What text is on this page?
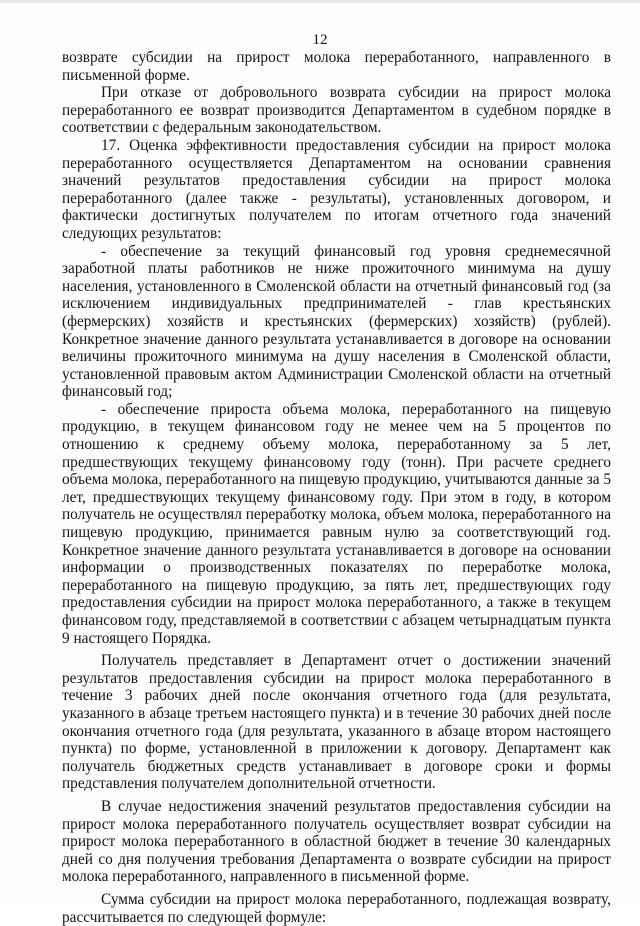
12

возврате субсидии на прирост молока переработанного, направленного в письменной форме.

При отказе от добровольного возврата субсидии на прирост молока переработанного ее возврат производится Департаментом в судебном порядке в соответствии с федеральным законодательством.

17. Оценка эффективности предоставления субсидии на прирост молока переработанного осуществляется Департаментом на основании сравнения значений результатов предоставления субсидии на прирост молока переработанного (далее также - результаты), установленных договором, и фактически достигнутых получателем по итогам отчетного года значений следующих результатов:

- обеспечение за текущий финансовый год уровня среднемесячной заработной платы работников не ниже прожиточного минимума на душу населения, установленного в Смоленской области на отчетный финансовый год (за исключением индивидуальных предпринимателей - глав крестьянских (фермерских) хозяйств и крестьянских (фермерских) хозяйств) (рублей). Конкретное значение данного результата устанавливается в договоре на основании величины прожиточного минимума на душу населения в Смоленской области, установленной правовым актом Администрации Смоленской области на отчетный финансовый год;

- обеспечение прироста объема молока, переработанного на пищевую продукцию, в текущем финансовом году не менее чем на 5 процентов по отношению к среднему объему молока, переработанному за 5 лет, предшествующих текущему финансовому году (тонн). При расчете среднего объема молока, переработанного на пищевую продукцию, учитываются данные за 5 лет, предшествующих текущему финансовому году. При этом в году, в котором получатель не осуществлял переработку молока, объем молока, переработанного на пищевую продукцию, принимается равным нулю за соответствующий год. Конкретное значение данного результата устанавливается в договоре на основании информации о производственных показателях по переработке молока, переработанного на пищевую продукцию, за пять лет, предшествующих году предоставления субсидии на прирост молока переработанного, а также в текущем финансовом году, представляемой в соответствии с абзацем четырнадцатым пункта 9 настоящего Порядка.

Получатель представляет в Департамент отчет о достижении значений результатов предоставления субсидии на прирост молока переработанного в течение 3 рабочих дней после окончания отчетного года (для результата, указанного в абзаце третьем настоящего пункта) и в течение 30 рабочих дней после окончания отчетного года (для результата, указанного в абзаце втором настоящего пункта) по форме, установленной в приложении к договору. Департамент как получатель бюджетных средств устанавливает в договоре сроки и формы представления получателем дополнительной отчетности.

В случае недостижения значений результатов предоставления субсидии на прирост молока переработанного получатель осуществляет возврат субсидии на прирост молока переработанного в областной бюджет в течение 30 календарных дней со дня получения требования Департамента о возврате субсидии на прирост молока переработанного, направленного в письменной форме.

Сумма субсидии на прирост молока переработанного, подлежащая возврату, рассчитывается по следующей формуле:
